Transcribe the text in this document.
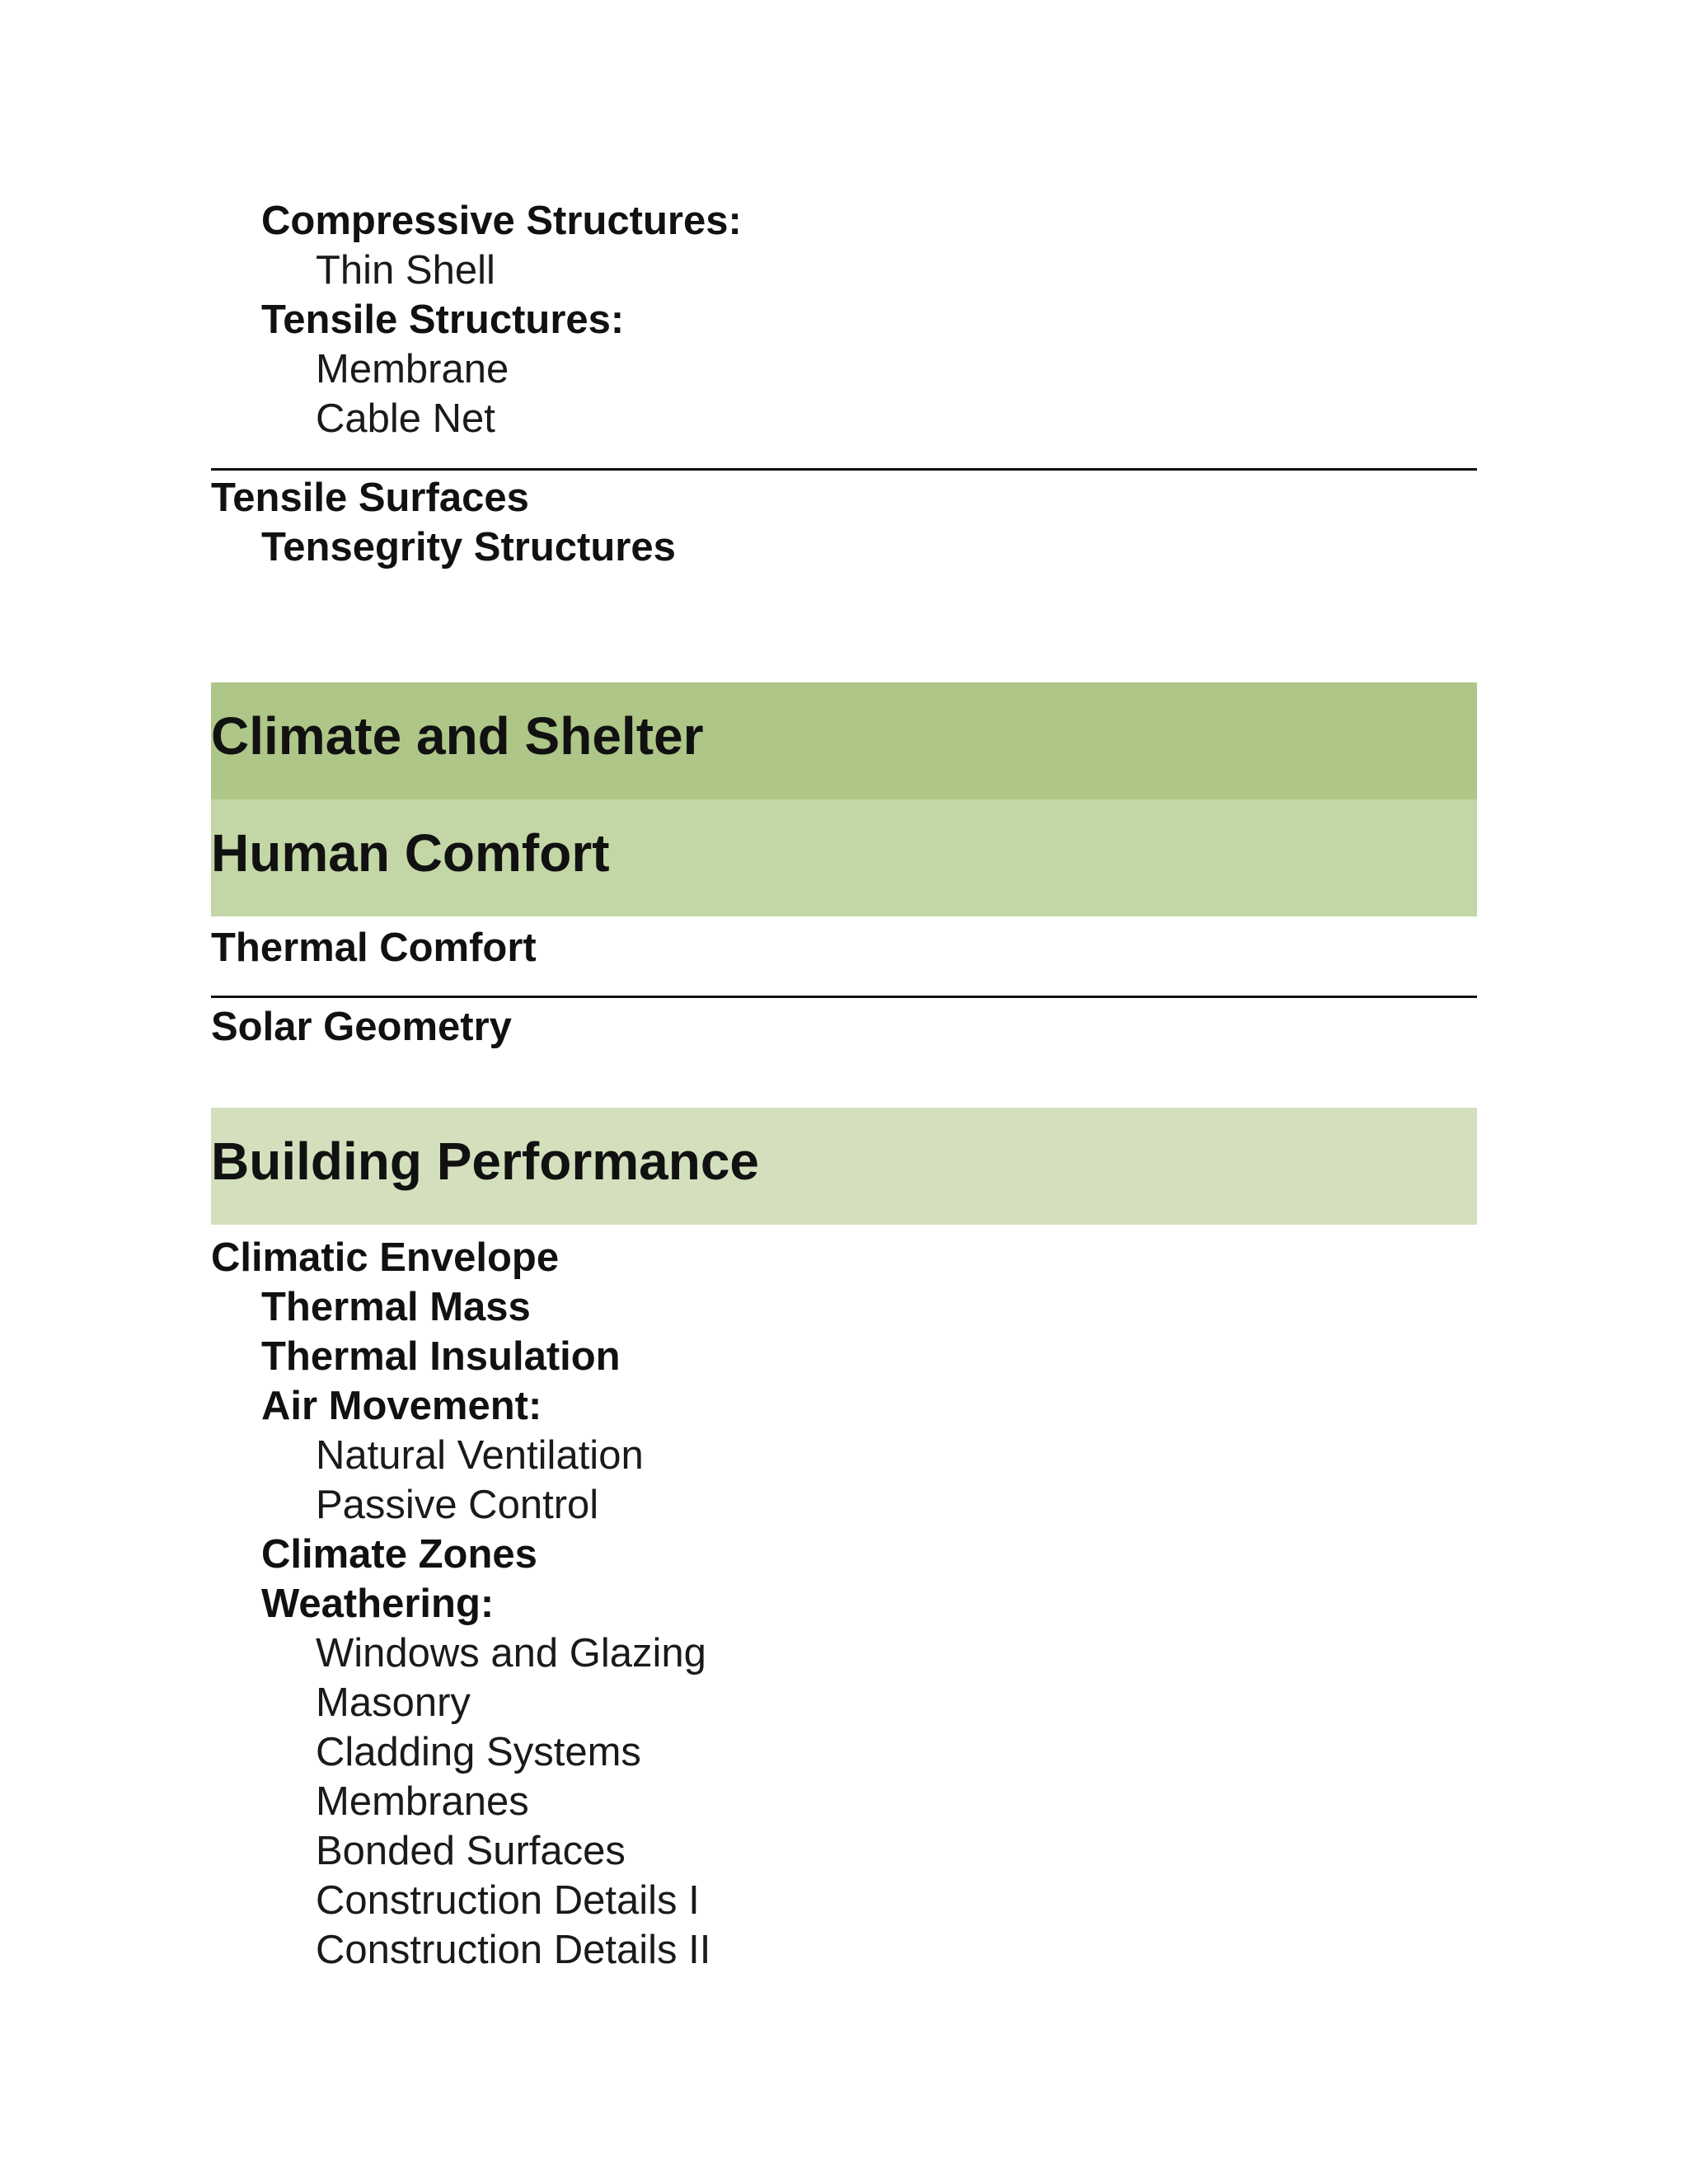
Compressive Structures:
Thin Shell
Tensile Structures:
Membrane
Cable Net
Tensile Surfaces
Tensegrity Structures
Climate and Shelter
Human Comfort
Thermal Comfort
Solar Geometry
Building Performance
Climatic Envelope
Thermal Mass
Thermal Insulation
Air Movement:
Natural Ventilation
Passive Control
Climate Zones
Weathering:
Windows and Glazing
Masonry
Cladding Systems
Membranes
Bonded Surfaces
Construction Details I
Construction Details II
